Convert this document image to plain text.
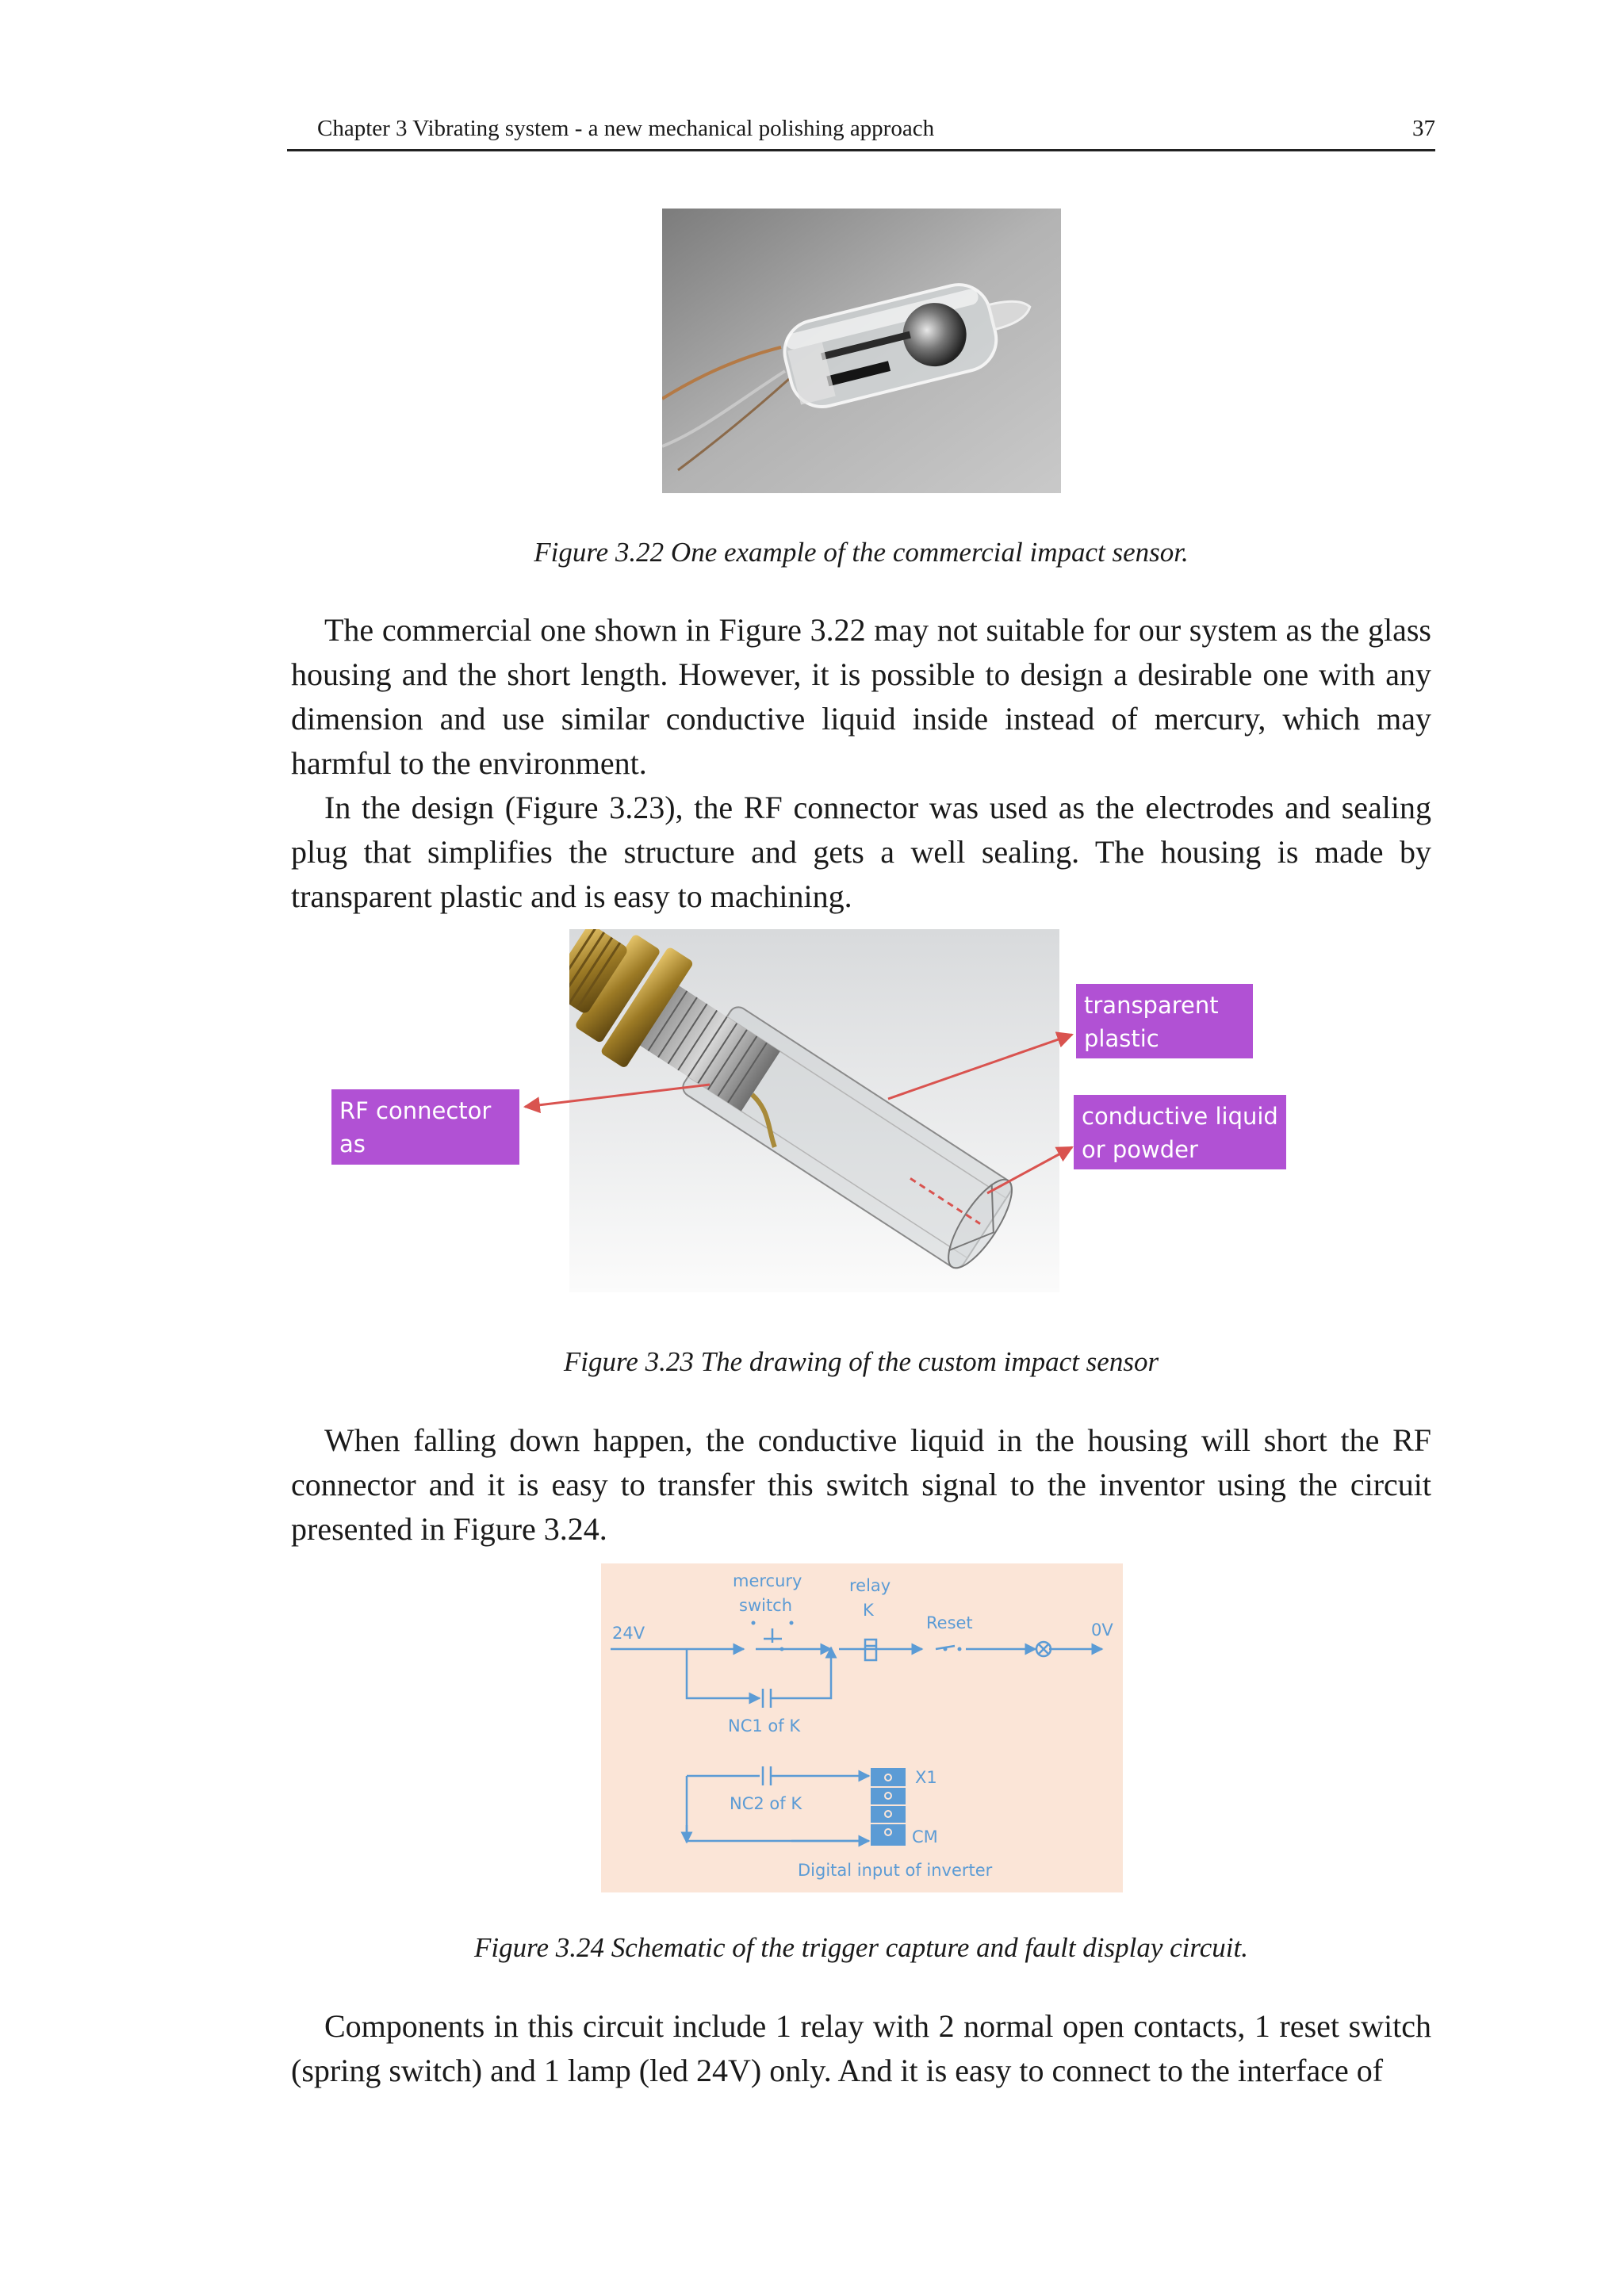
Chapter 3 Vibrating system - a new mechanical polishing approach	37
Figure 3.22 One example of the commercial impact sensor.

The commercial one shown in Figure 3.22 may not suitable for our system as the glass housing and the short length. However, it is possible to design a desirable one with any dimension and use similar conductive liquid inside instead of mercury, which may harmful to the environment.

In the design (Figure 3.23), the RF connector was used as the electrodes and sealing plug that simplifies the structure and gets a well sealing. The housing is made by transparent plastic and is easy to machining.

RF connector as
the electrodes
transparent
plastic housing
conductive liquid
or powder
Figure 3.23 The drawing of the custom impact sensor

When falling down happen, the conductive liquid in the housing will short the RF connector and it is easy to transfer this switch signal to the inventor using the circuit presented in Figure 3.24.

24V
mercury
switch
relay
K
Reset	0V
NC1 of K
NC2 of K
X1
CM
Digital input of inverter
Figure 3.24 Schematic of the trigger capture and fault display circuit.

Components in this circuit include 1 relay with 2 normal open contacts, 1 reset switch (spring switch) and 1 lamp (led 24V) only. And it is easy to connect to the interface of
